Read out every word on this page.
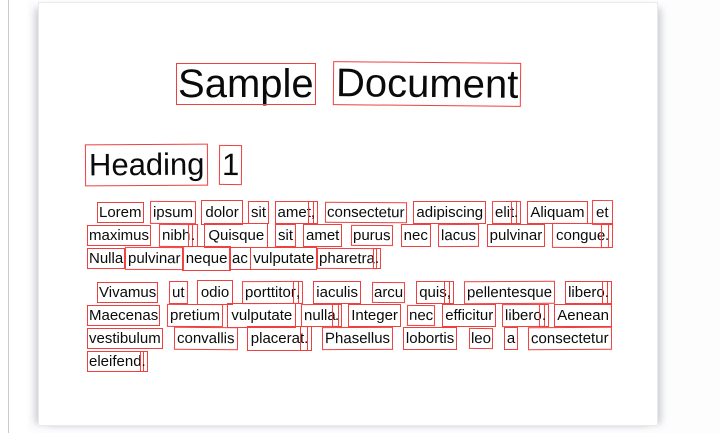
Sample Document
Heading 1
Lorem ipsum dolor sit amet , consectetur adipiscing elit . Aliquam et
maximus nibh . Quisque sit amet purus nec lacus pulvinar congue .
Nulla pulvinar neque ac vulputate pharetra .
Vivamus ut odio porttitor , iaculis arcu quis , pellentesque libero .
Maecenas pretium vulputate nulla . Integer nec efficitur libero . Aenean
vestibulum convallis placerat . Phasellus lobortis leo a consectetur
eleifend .
